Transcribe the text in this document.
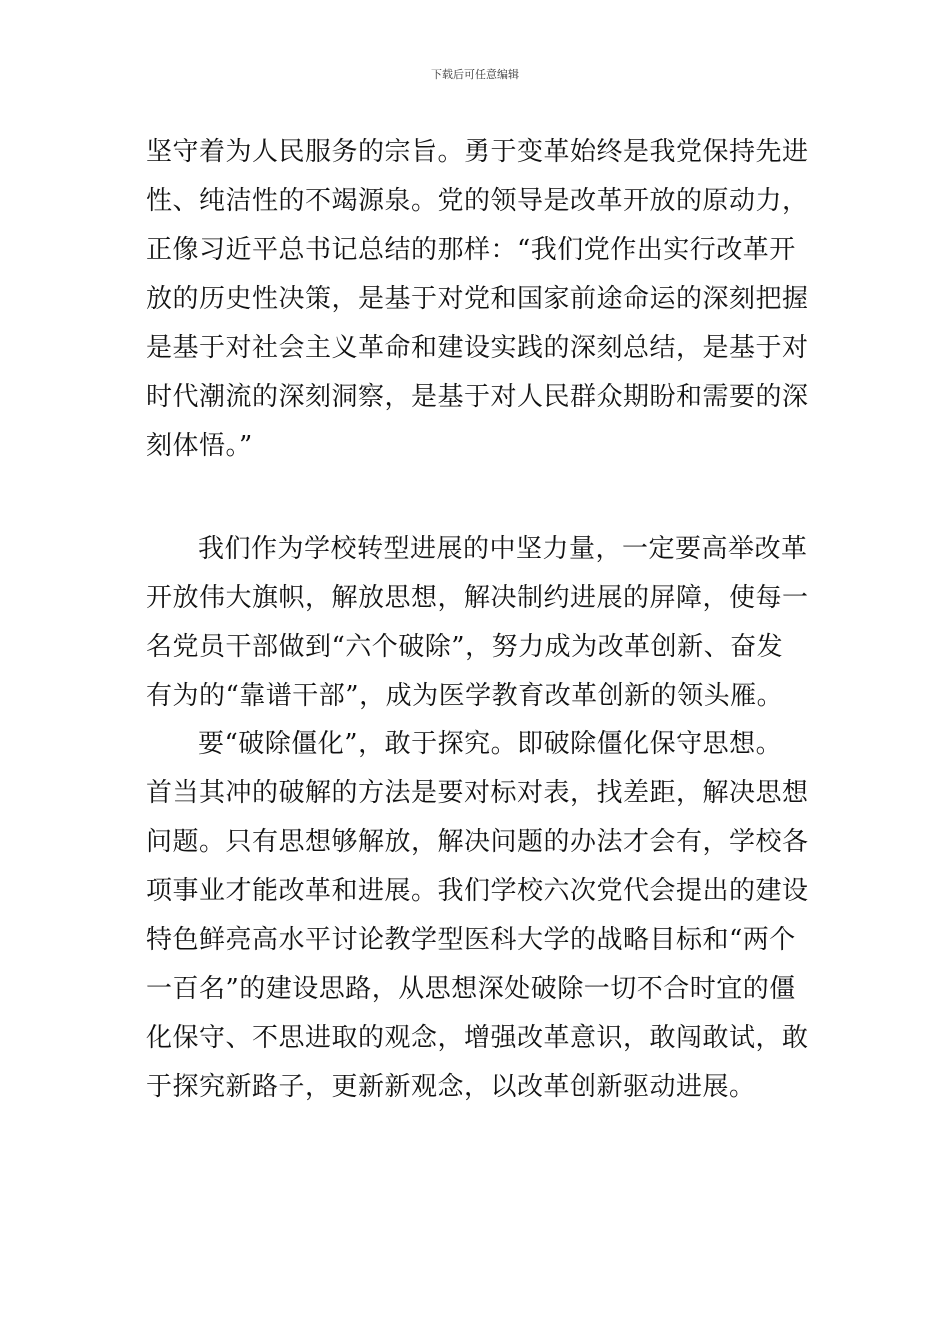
下载后可任意编辑
坚守着为人民服务的宗旨。勇于变革始终是我党保持先进
性、纯洁性的不竭源泉。党的领导是改革开放的原动力，
正像习近平总书记总结的那样：“我们党作出实行改革开
放的历史性决策，是基于对党和国家前途命运的深刻把握
是基于对社会主义革命和建设实践的深刻总结，是基于对
时代潮流的深刻洞察，是基于对人民群众期盼和需要的深
刻体悟。”
我们作为学校转型进展的中坚力量，一定要高举改革
开放伟大旗帜，解放思想，解决制约进展的屏障，使每一
名党员干部做到“六个破除”，努力成为改革创新、奋发
有为的“靠谱干部”，成为医学教育改革创新的领头雁。
要“破除僵化”，敢于探究。即破除僵化保守思想。
首当其冲的破解的方法是要对标对表，找差距，解决思想
问题。只有思想够解放，解决问题的办法才会有，学校各
项事业才能改革和进展。我们学校六次党代会提出的建设
特色鲜亮高水平讨论教学型医科大学的战略目标和“两个
一百名”的建设思路，从思想深处破除一切不合时宜的僵
化保守、不思进取的观念，增强改革意识，敢闯敢试，敢
于探究新路子，更新新观念，以改革创新驱动进展。
